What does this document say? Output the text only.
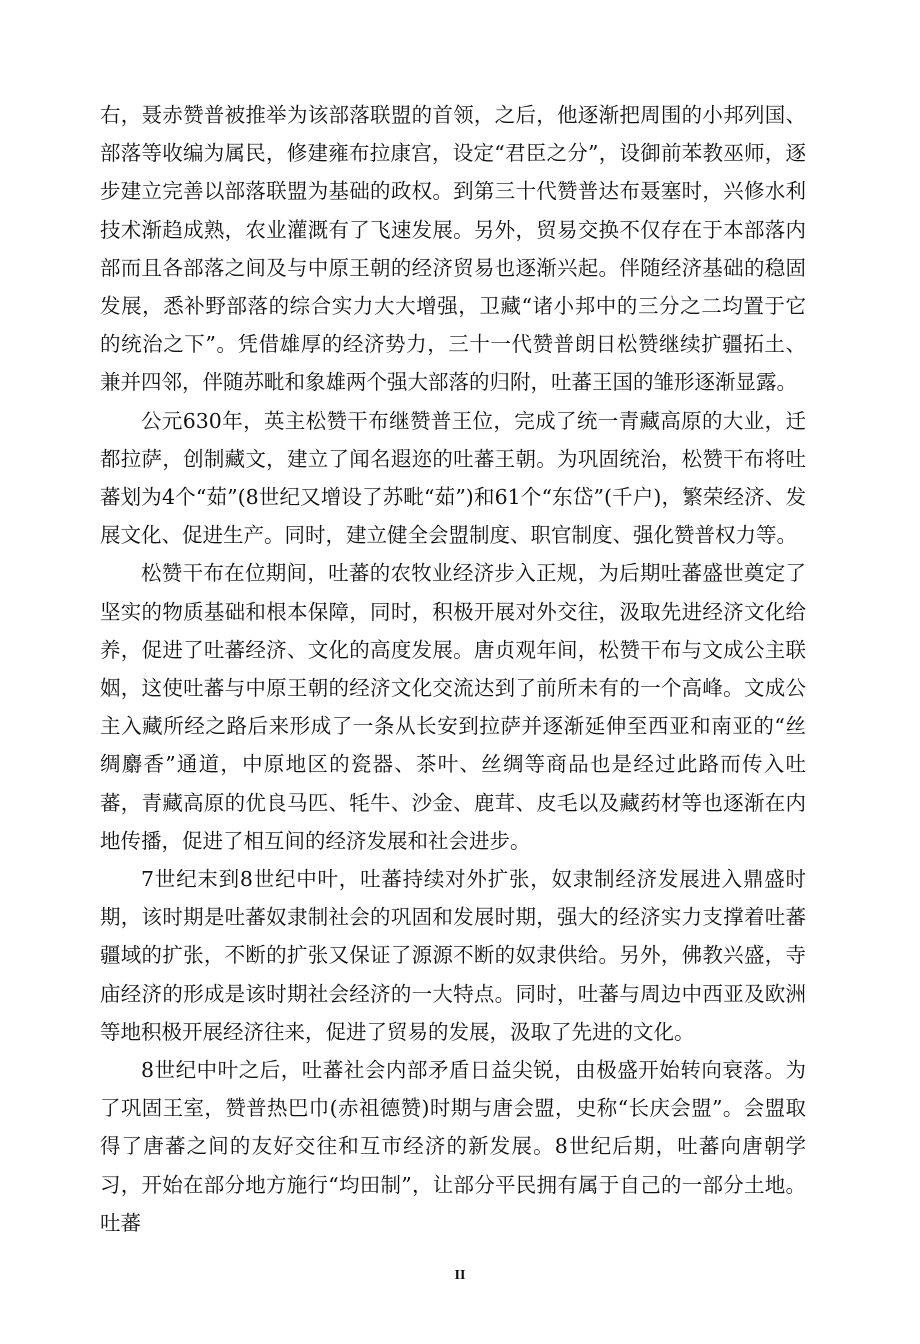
右，聂赤赞普被推举为该部落联盟的首领，之后，他逐渐把周围的小邦列国、部落等收编为属民，修建雍布拉康宫，设定“君臣之分”，设御前苯教巫师，逐步建立完善以部落联盟为基础的政权。到第三十代赞普达布聂塞时，兴修水利技术渐趋成熟，农业灌溉有了飞速发展。另外，贸易交换不仅存在于本部落内部而且各部落之间及与中原王朝的经济贸易也逐渐兴起。伴随经济基础的稳固发展，悉补野部落的综合实力大大增强，卫藏“诸小邦中的三分之二均置于它的统治之下”。凭借雄厚的经济势力，三十一代赞普朗日松赞继续扩疆拓土、兼并四邻，伴随苏毗和象雄两个强大部落的归附，吐蕃王国的雏形逐渐显露。

公元630年，英主松赞干布继赞普王位，完成了统一青藏高原的大业，迁都拉萨，创制藏文，建立了闻名遐迩的吐蕃王朝。为巩固统治，松赞干布将吐蕃划为4个“茹”(8世纪又增设了苏毗“茹”)和61个“东岱”(千户)，繁荣经济、发展文化、促进生产。同时，建立健全会盟制度、职官制度、强化赞普权力等。

松赞干布在位期间，吐蕃的农牧业经济步入正规，为后期吐蕃盛世奠定了坚实的物质基础和根本保障，同时，积极开展对外交往，汲取先进经济文化给养，促进了吐蕃经济、文化的高度发展。唐贞观年间，松赞干布与文成公主联姻，这使吐蕃与中原王朝的经济文化交流达到了前所未有的一个高峰。文成公主入藏所经之路后来形成了一条从长安到拉萨并逐渐延伸至西亚和南亚的“丝绸麝香”通道，中原地区的瓷器、茶叶、丝绸等商品也是经过此路而传入吐蕃，青藏高原的优良马匹、牦牛、沙金、鹿茸、皮毛以及藏药材等也逐渐在内地传播，促进了相互间的经济发展和社会进步。

7世纪末到8世纪中叶，吐蕃持续对外扩张，奴隶制经济发展进入鼎盛时期，该时期是吐蕃奴隶制社会的巩固和发展时期，强大的经济实力支撑着吐蕃疆域的扩张，不断的扩张又保证了源源不断的奴隶供给。另外，佛教兴盛，寺庙经济的形成是该时期社会经济的一大特点。同时，吐蕃与周边中西亚及欧洲等地积极开展经济往来，促进了贸易的发展，汲取了先进的文化。

8世纪中叶之后，吐蕃社会内部矛盾日益尖锐，由极盛开始转向衰落。为了巩固王室，赞普热巴巾(赤祖德赞)时期与唐会盟，史称“长庆会盟”。会盟取得了唐蕃之间的友好交往和互市经济的新发展。8世纪后期，吐蕃向唐朝学习，开始在部分地方施行“均田制”，让部分平民拥有属于自己的一部分土地。吐蕃

II
